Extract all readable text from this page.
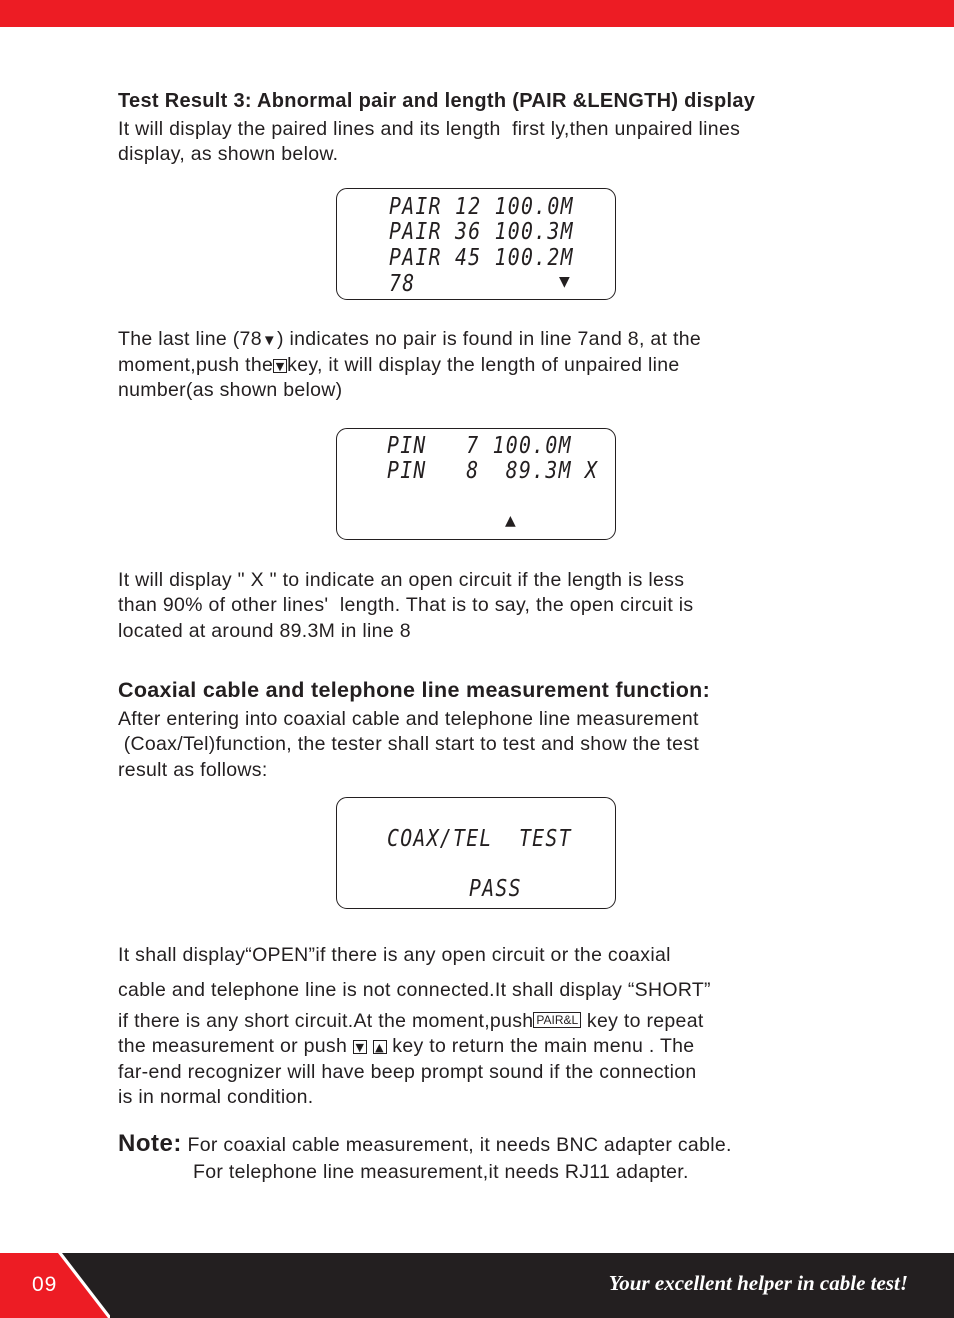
Test Result 3: Abnormal pair and length (PAIR &LENGTH) display
It will display the paired lines and its length  first ly,then unpaired lines
display, as shown below.
PAIR 12 100.0M
PAIR 36 100.3M
PAIR 45 100.2M
78	▼
The last line (78▼) indicates no pair is found in line 7and 8, at the
moment,push the ▼ key, it will display the length of unpaired line
number(as shown below)
PIN   7 100.0M
PIN   8  89.3M X
▲
It will display " X " to indicate an open circuit if the length is less
than 90% of other lines'  length. That is to say, the open circuit is
located at around 89.3M in line 8
Coaxial cable and telephone line measurement function:
After entering into coaxial cable and telephone line measurement
(Coax/Tel)function, the tester shall start to test and show the test
result as follows:
COAX/TEL  TEST
PASS
It shall display“OPEN”if there is any open circuit or the coaxial
cable and telephone line is not connected.It shall display “SHORT”
if there is any short circuit.At the moment,push PAIR&L key to repeat
the measurement or push ▼ ▲ key to return the main menu . The
far-end recognizer will have beep prompt sound if the connection
is in normal condition.
Note: For coaxial cable measurement, it needs BNC adapter cable.
For telephone line measurement,it needs RJ11 adapter.
09	Your excellent helper in cable test!
